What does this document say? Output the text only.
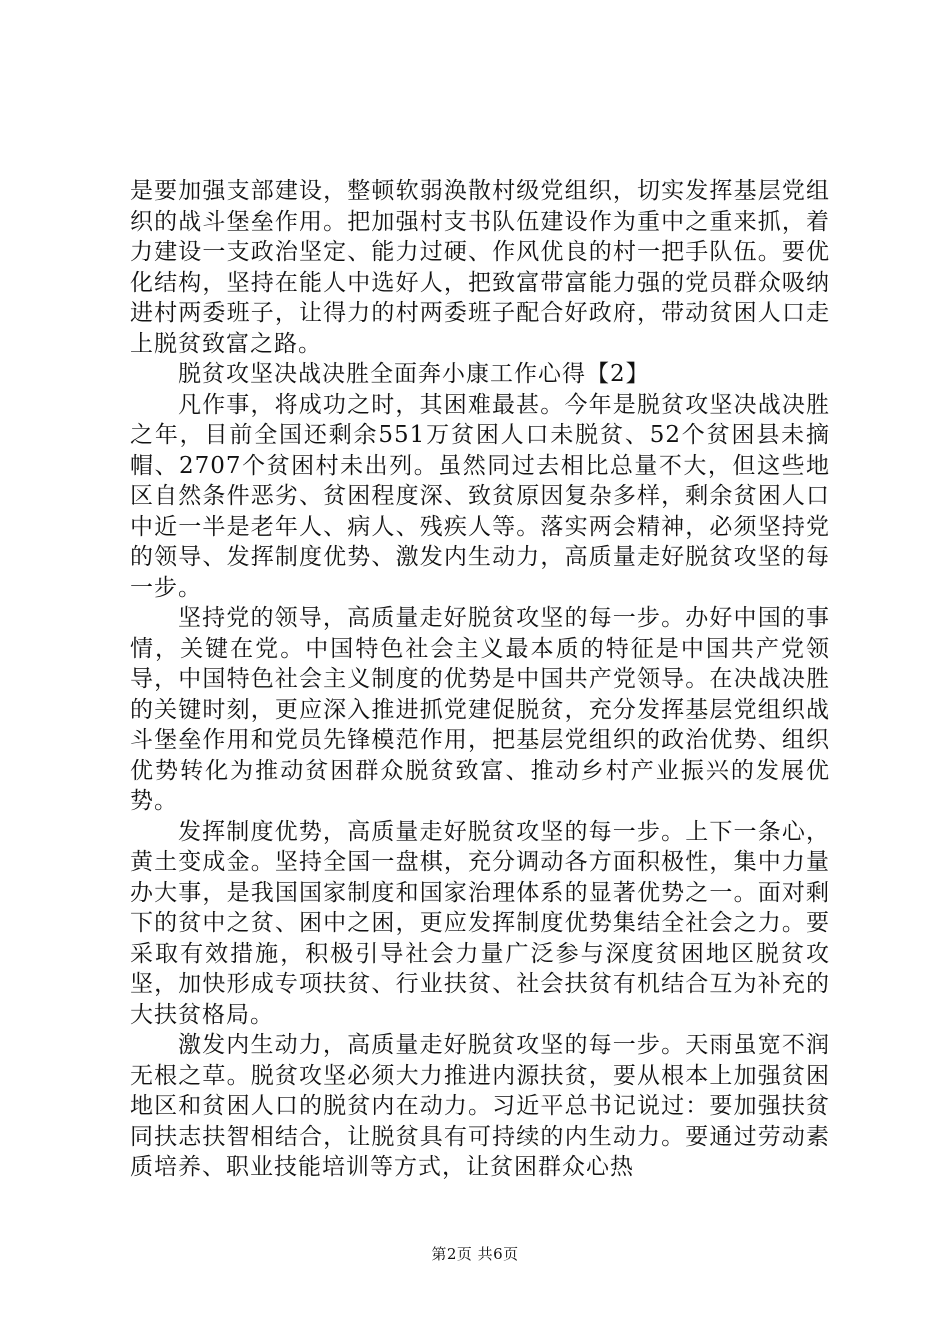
是要加强支部建设，整顿软弱涣散村级党组织，切实发挥基层党组织的战斗堡垒作用。把加强村支书队伍建设作为重中之重来抓，着力建设一支政治坚定、能力过硬、作风优良的村一把手队伍。要优化结构，坚持在能人中选好人，把致富带富能力强的党员群众吸纳进村两委班子，让得力的村两委班子配合好政府，带动贫困人口走上脱贫致富之路。

脱贫攻坚决战决胜全面奔小康工作心得【2】

凡作事，将成功之时，其困难最甚。今年是脱贫攻坚决战决胜之年，目前全国还剩余551万贫困人口未脱贫、52个贫困县未摘帽、2707个贫困村未出列。虽然同过去相比总量不大，但这些地区自然条件恶劣、贫困程度深、致贫原因复杂多样，剩余贫困人口中近一半是老年人、病人、残疾人等。落实两会精神，必须坚持党的领导、发挥制度优势、激发内生动力，高质量走好脱贫攻坚的每一步。

坚持党的领导，高质量走好脱贫攻坚的每一步。办好中国的事情，关键在党。中国特色社会主义最本质的特征是中国共产党领导，中国特色社会主义制度的优势是中国共产党领导。在决战决胜的关键时刻，更应深入推进抓党建促脱贫，充分发挥基层党组织战斗堡垒作用和党员先锋模范作用，把基层党组织的政治优势、组织优势转化为推动贫困群众脱贫致富、推动乡村产业振兴的发展优势。

发挥制度优势，高质量走好脱贫攻坚的每一步。上下一条心，黄土变成金。坚持全国一盘棋，充分调动各方面积极性，集中力量办大事，是我国国家制度和国家治理体系的显著优势之一。面对剩下的贫中之贫、困中之困，更应发挥制度优势集结全社会之力。要采取有效措施，积极引导社会力量广泛参与深度贫困地区脱贫攻坚，加快形成专项扶贫、行业扶贫、社会扶贫有机结合互为补充的大扶贫格局。

激发内生动力，高质量走好脱贫攻坚的每一步。天雨虽宽不润无根之草。脱贫攻坚必须大力推进内源扶贫，要从根本上加强贫困地区和贫困人口的脱贫内在动力。习近平总书记说过：要加强扶贫同扶志扶智相结合，让脱贫具有可持续的内生动力。要通过劳动素质培养、职业技能培训等方式，让贫困群众心热

第2页 共6页
